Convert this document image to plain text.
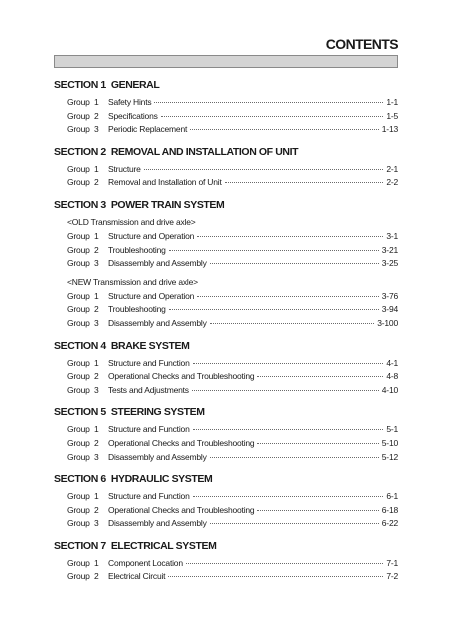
CONTENTS
SECTION 1 GENERAL
Group 1	Safety Hints	1-1
Group 2	Specifications	1-5
Group 3	Periodic Replacement	1-13
SECTION 2 REMOVAL AND INSTALLATION OF UNIT
Group 1	Structure	2-1
Group 2	Removal and Installation of Unit	2-2
SECTION 3 POWER TRAIN SYSTEM
<OLD Transmission and drive axle>
Group 1	Structure and Operation	3-1
Group 2	Troubleshooting	3-21
Group 3	Disassembly and Assembly	3-25
<NEW Transmission and drive axle>
Group 1	Structure and Operation	3-76
Group 2	Troubleshooting	3-94
Group 3	Disassembly and Assembly	3-100
SECTION 4 BRAKE SYSTEM
Group 1	Structure and Function	4-1
Group 2	Operational Checks and Troubleshooting	4-8
Group 3	Tests and Adjustments	4-10
SECTION 5 STEERING SYSTEM
Group 1	Structure and Function	5-1
Group 2	Operational Checks and Troubleshooting	5-10
Group 3	Disassembly and Assembly	5-12
SECTION 6 HYDRAULIC SYSTEM
Group 1	Structure and Function	6-1
Group 2	Operational Checks and Troubleshooting	6-18
Group 3	Disassembly and Assembly	6-22
SECTION 7 ELECTRICAL SYSTEM
Group 1	Component Location	7-1
Group 2	Electrical Circuit	7-2
